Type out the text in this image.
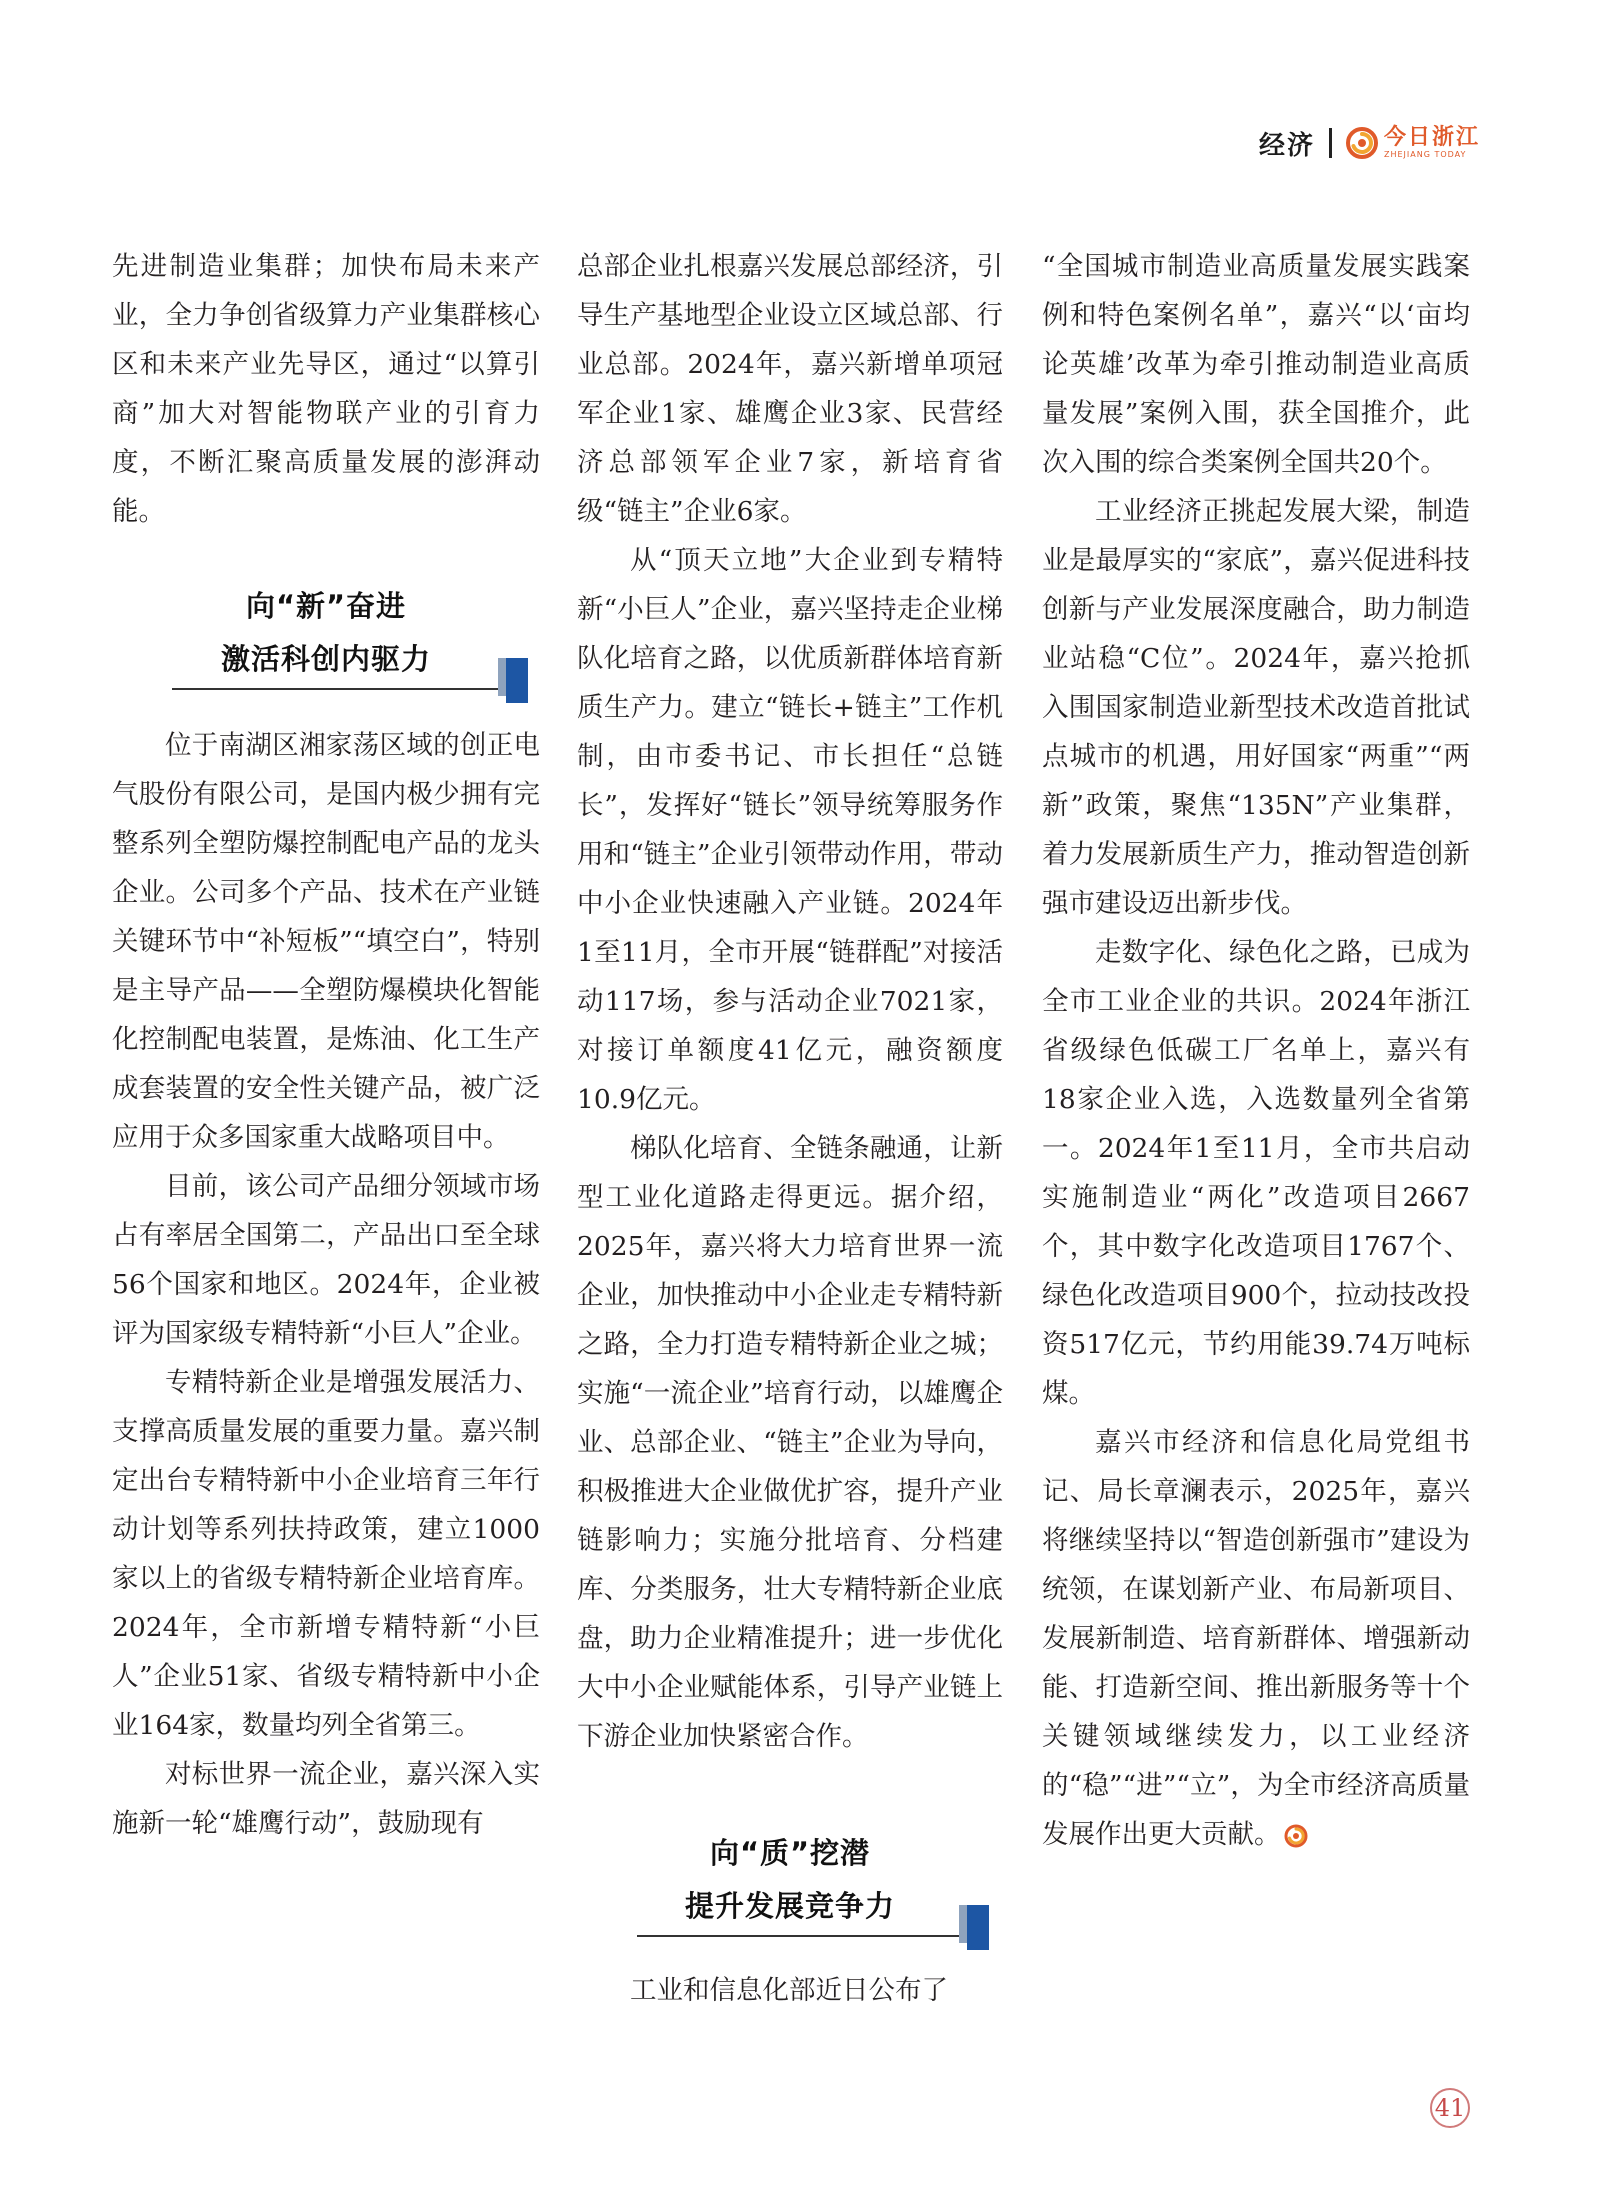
经济	今日浙江
ZHEJIANG TODAY

先进制造业集群；加快布局未来产业，全力争创省级算力产业集群核心区和未来产业先导区，通过“以算引商”加大对智能物联产业的引育力度，不断汇聚高质量发展的澎湃动能。

向“新”奋进
激活科创内驱力

位于南湖区湘家荡区域的创正电气股份有限公司，是国内极少拥有完整系列全塑防爆控制配电产品的龙头企业。公司多个产品、技术在产业链关键环节中“补短板”“填空白”，特别是主导产品——全塑防爆模块化智能化控制配电装置，是炼油、化工生产成套装置的安全性关键产品，被广泛应用于众多国家重大战略项目中。

目前，该公司产品细分领域市场占有率居全国第二，产品出口至全球56个国家和地区。2024年，企业被评为国家级专精特新“小巨人”企业。

专精特新企业是增强发展活力、支撑高质量发展的重要力量。嘉兴制定出台专精特新中小企业培育三年行动计划等系列扶持政策，建立1000家以上的省级专精特新企业培育库。2024年，全市新增专精特新“小巨人”企业51家、省级专精特新中小企业164家，数量均列全省第三。

对标世界一流企业，嘉兴深入实施新一轮“雄鹰行动”，鼓励现有

总部企业扎根嘉兴发展总部经济，引导生产基地型企业设立区域总部、行业总部。2024年，嘉兴新增单项冠军企业1家、雄鹰企业3家、民营经济总部领军企业7家，新培育省级“链主”企业6家。

从“顶天立地”大企业到专精特新“小巨人”企业，嘉兴坚持走企业梯队化培育之路，以优质新群体培育新质生产力。建立“链长+链主”工作机制，由市委书记、市长担任“总链长”，发挥好“链长”领导统筹服务作用和“链主”企业引领带动作用，带动中小企业快速融入产业链。2024年1至11月，全市开展“链群配”对接活动117场，参与活动企业7021家，对接订单额度41亿元，融资额度10.9亿元。

梯队化培育、全链条融通，让新型工业化道路走得更远。据介绍，2025年，嘉兴将大力培育世界一流企业，加快推动中小企业走专精特新之路，全力打造专精特新企业之城；实施“一流企业”培育行动，以雄鹰企业、总部企业、“链主”企业为导向，积极推进大企业做优扩容，提升产业链影响力；实施分批培育、分档建库、分类服务，壮大专精特新企业底盘，助力企业精准提升；进一步优化大中小企业赋能体系，引导产业链上下游企业加快紧密合作。

向“质”挖潜
提升发展竞争力

工业和信息化部近日公布了

“全国城市制造业高质量发展实践案例和特色案例名单”，嘉兴“以‘亩均论英雄’改革为牵引推动制造业高质量发展”案例入围，获全国推介，此次入围的综合类案例全国共20个。

工业经济正挑起发展大梁，制造业是最厚实的“家底”，嘉兴促进科技创新与产业发展深度融合，助力制造业站稳“C位”。2024年，嘉兴抢抓入围国家制造业新型技术改造首批试点城市的机遇，用好国家“两重”“两新”政策，聚焦“135N”产业集群，着力发展新质生产力，推动智造创新强市建设迈出新步伐。

走数字化、绿色化之路，已成为全市工业企业的共识。2024年浙江省级绿色低碳工厂名单上，嘉兴有18家企业入选，入选数量列全省第一。2024年1至11月，全市共启动实施制造业“两化”改造项目2667个，其中数字化改造项目1767个、绿色化改造项目900个，拉动技改投资517亿元，节约用能39.74万吨标煤。

嘉兴市经济和信息化局党组书记、局长章澜表示，2025年，嘉兴将继续坚持以“智造创新强市”建设为统领，在谋划新产业、布局新项目、发展新制造、培育新群体、增强新动能、打造新空间、推出新服务等十个关键领域继续发力，以工业经济的“稳”“进”“立”，为全市经济高质量发展作出更大贡献。

41
